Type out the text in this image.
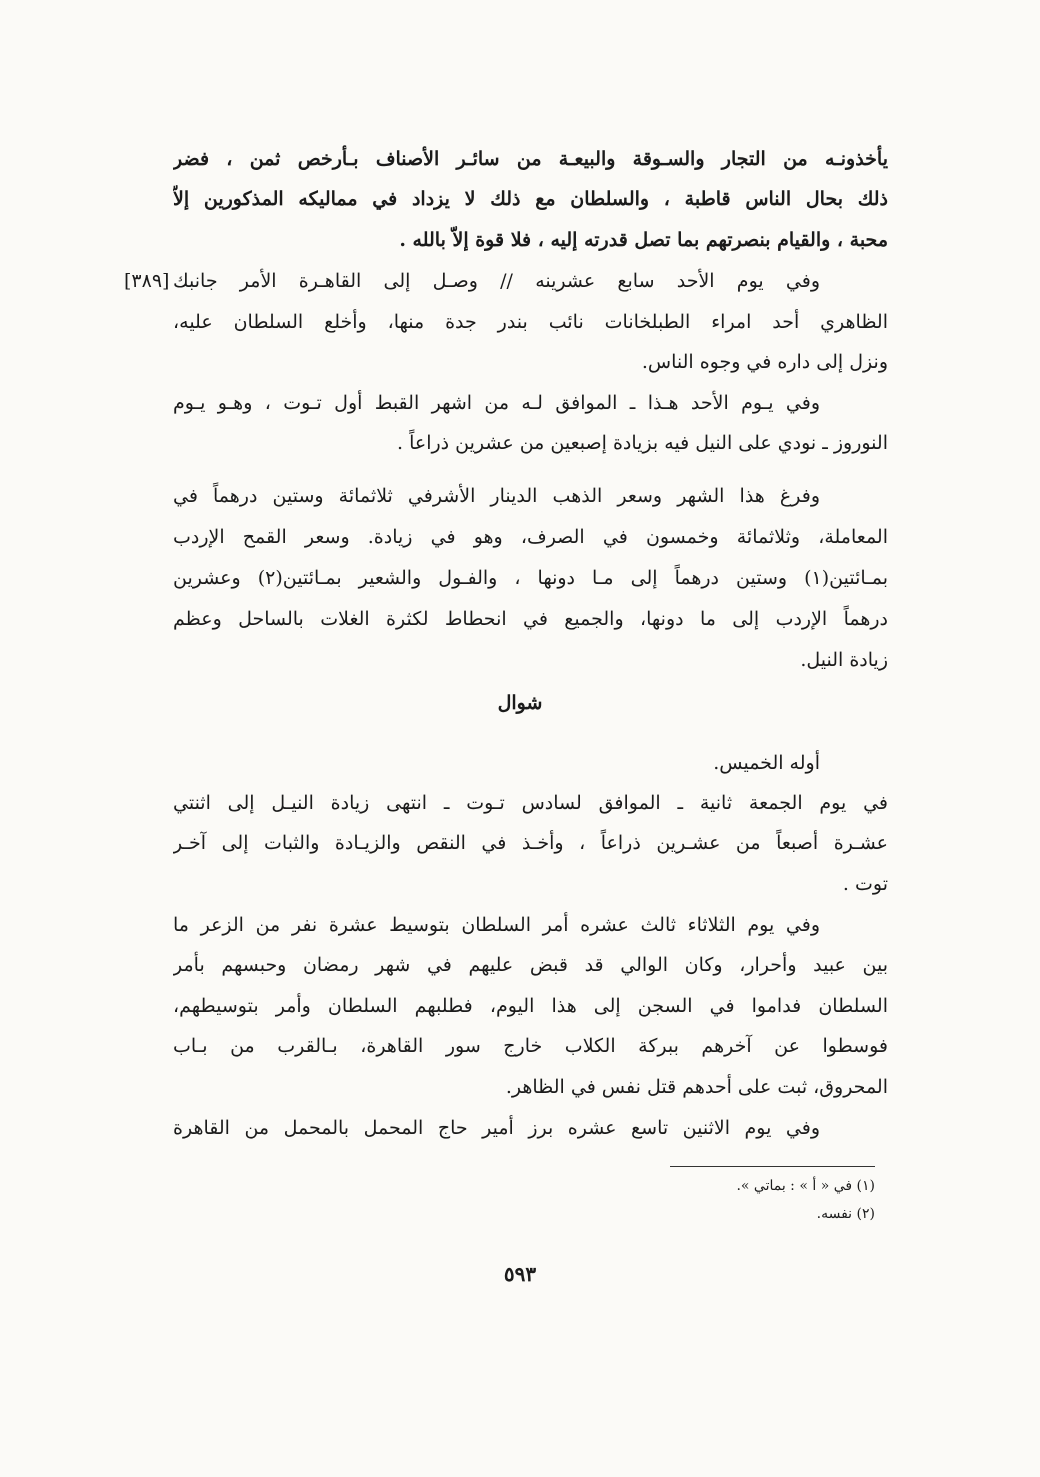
يأخذونـه من التجار والسـوقة والبيعـة من سائـر الأصناف بـأرخص ثمن ، فضر
ذلك بحال الناس قاطبة ، والسلطان مع ذلك لا يزداد في مماليكه المذكورين إلاّ
محبة ، والقيام بنصرتهم بما تصل قدرته إليه ، فلا قوة إلاّ بالله .
وفي يوم الأحد سابع عشرينه // وصـل إلى القاهـرة الأمر جانبك
[٣٨٩]
الظاهري أحد امراء الطبلخانات نائب بندر جدة منها، وأخلع السلطان عليه،
ونزل إلى داره في وجوه الناس.
وفي يـوم الأحد هـذا ـ الموافق لـه من اشهر القبط أول تـوت ، وهـو يـوم
النوروز ـ نودي على النيل فيه بزيادة إصبعين من عشرين ذراعاً .
وفرغ هذا الشهر وسعر الذهب الدينار الأشرفي ثلاثمائة وستين درهماً في
المعاملة، وثلاثمائة وخمسون في الصرف، وهو في زيادة. وسعر القمح الإردب
بمـائتين(١) وستين درهماً إلى مـا دونها ، والفـول والشعير بمـائتين(٢) وعشرين
درهماً الإردب إلى ما دونها، والجميع في انحطاط لكثرة الغلات بالساحل وعظم
زيادة النيل.
شوال
أوله الخميس.
في يوم الجمعة ثانية ـ الموافق لسادس تـوت ـ انتهى زيادة النيـل إلى اثنتي
عشـرة أصبعاً من عشـرين ذراعاً ، وأخـذ في النقص والزيـادة والثبات إلى آخـر
توت .
وفي يوم الثلاثاء ثالث عشره أمر السلطان بتوسيط عشرة نفر من الزعر ما
بين عبيد وأحرار، وكان الوالي قد قبض عليهم في شهر رمضان وحبسهم بأمر
السلطان فداموا في السجن إلى هذا اليوم، فطلبهم السلطان وأمر بتوسيطهم،
فوسطوا عن آخرهم ببركة الكلاب خارج سور القاهرة، بـالقرب من بـاب
المحروق، ثبت على أحدهم قتل نفس في الظاهر.
وفي يوم الاثنين تاسع عشره برز أمير حاج المحمل بالمحمل من القاهرة
(١) في « أ » : بماتي ».
(٢) نفسه.
٥٩٣
